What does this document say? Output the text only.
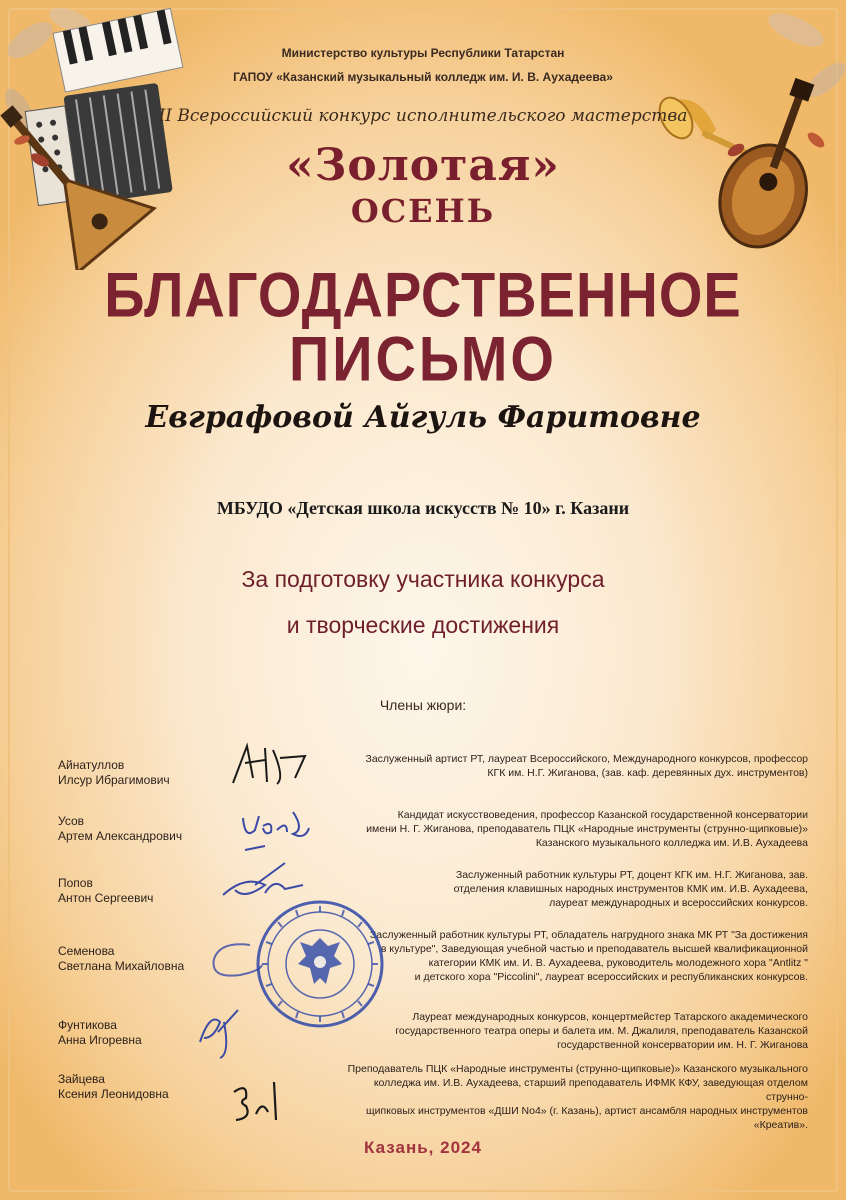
Министерство культуры Республики Татарстан
ГАПОУ «Казанский музыкальный колледж им. И. В. Аухадеева»
II Всероссийский конкурс исполнительского мастерства
«Золотая»
ОСЕНЬ
БЛАГОДАРСТВЕННОЕ
ПИСЬМО
Евграфовой Айгуль Фаритовне
МБУДО «Детская школа искусств № 10» г. Казани
За подготовку участника конкурса
и творческие достижения
Члены жюри:
Айнатуллов
Илсур Ибрагимович
Заслуженный артист РТ, лауреат Всероссийского, Международного конкурсов, профессор
КГК им. Н.Г. Жиганова, (зав. каф. деревянных дух. инструментов)
Усов
Артем Александрович
Кандидат искусствоведения, профессор Казанской государственной консерватории
имени Н. Г. Жиганова, преподаватель ПЦК «Народные инструменты (струнно-щипковые)»
Казанского музыкального колледжа им. И.В. Аухадеева
Попов
Антон Сергеевич
Заслуженный работник культуры РТ, доцент КГК им. Н.Г. Жиганова, зав.
отделения клавишных народных инструментов КМК им. И.В. Аухадеева,
лауреат международных и всероссийских конкурсов.
Семенова
Светлана Михайловна
Заслуженный работник культуры РТ, обладатель нагрудного знака МК РТ "За достижения
в культуре", Заведующая учебной частью и преподаватель высшей квалификационной
категории КМК им. И. В. Аухадеева, руководитель молодежного хора "Antlitz "
и детского хора "Piccolini", лауреат всероссийских и республиканских конкурсов.
Фунтикова
Анна Игоревна
Лауреат международных конкурсов, концертмейстер Татарского академического
государственного театра оперы и балета им. М. Джалиля, преподаватель Казанской
государственной консерватории им. Н. Г. Жиганова
Зайцева
Ксения Леонидовна
Преподаватель ПЦК «Народные инструменты (струнно-щипковые)» Казанского музыкального
колледжа им. И.В. Аухадеева, старший преподаватель ИФМК КФУ, заведующая отделом струнно-
щипковых инструментов «ДШИ No4» (г. Казань), артист ансамбля народных инструментов «Креатив».
Казань, 2024
